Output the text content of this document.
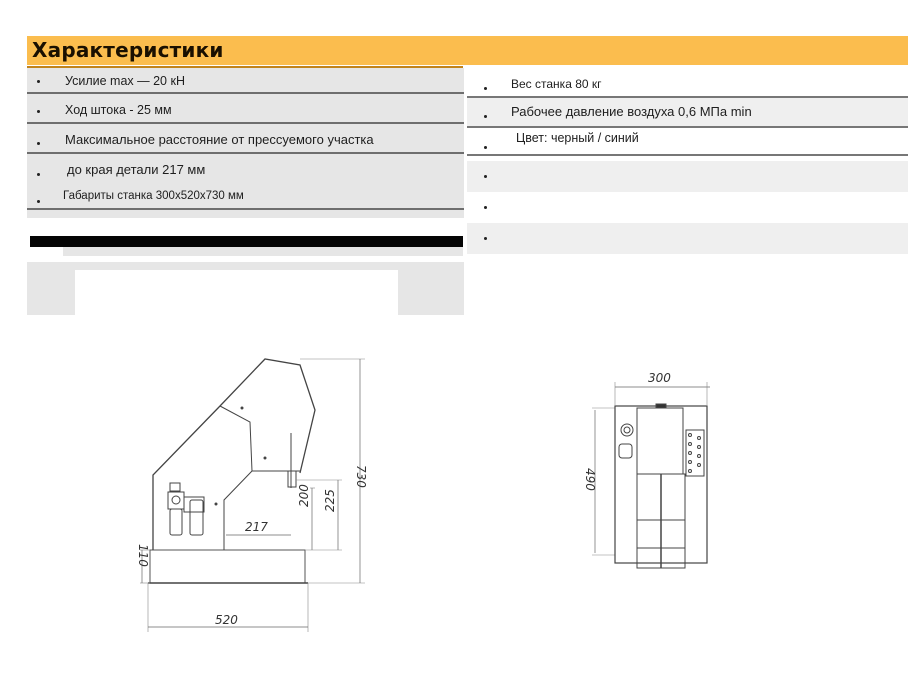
Характеристики
Усилие max — 20 кН
Ход штока - 25 мм
Максимальное расстояние от прессуемого участка
до края детали 217 мм
Габариты станка 300x520x730 мм
Вес станка 80 кг
Рабочее давление воздуха 0,6 МПа min
Цвет: черный / синий
520
217
730
200 225
110
300
490
